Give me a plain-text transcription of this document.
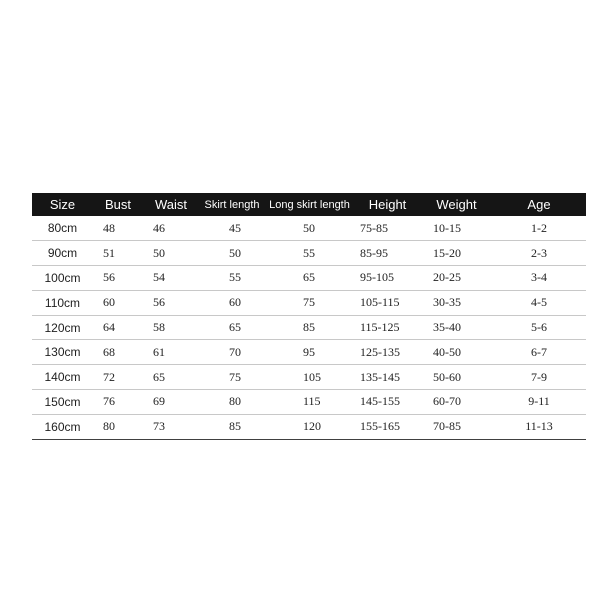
Size	Bust	Waist	Skirt length	Long skirt length	Height	Weight	Age
80cm	48	46	45	50	75-85	10-15	1-2
90cm	51	50	50	55	85-95	15-20	2-3
100cm	56	54	55	65	95-105	20-25	3-4
110cm	60	56	60	75	105-115	30-35	4-5
120cm	64	58	65	85	115-125	35-40	5-6
130cm	68	61	70	95	125-135	40-50	6-7
140cm	72	65	75	105	135-145	50-60	7-9
150cm	76	69	80	115	145-155	60-70	9-11
160cm	80	73	85	120	155-165	70-85	11-13
